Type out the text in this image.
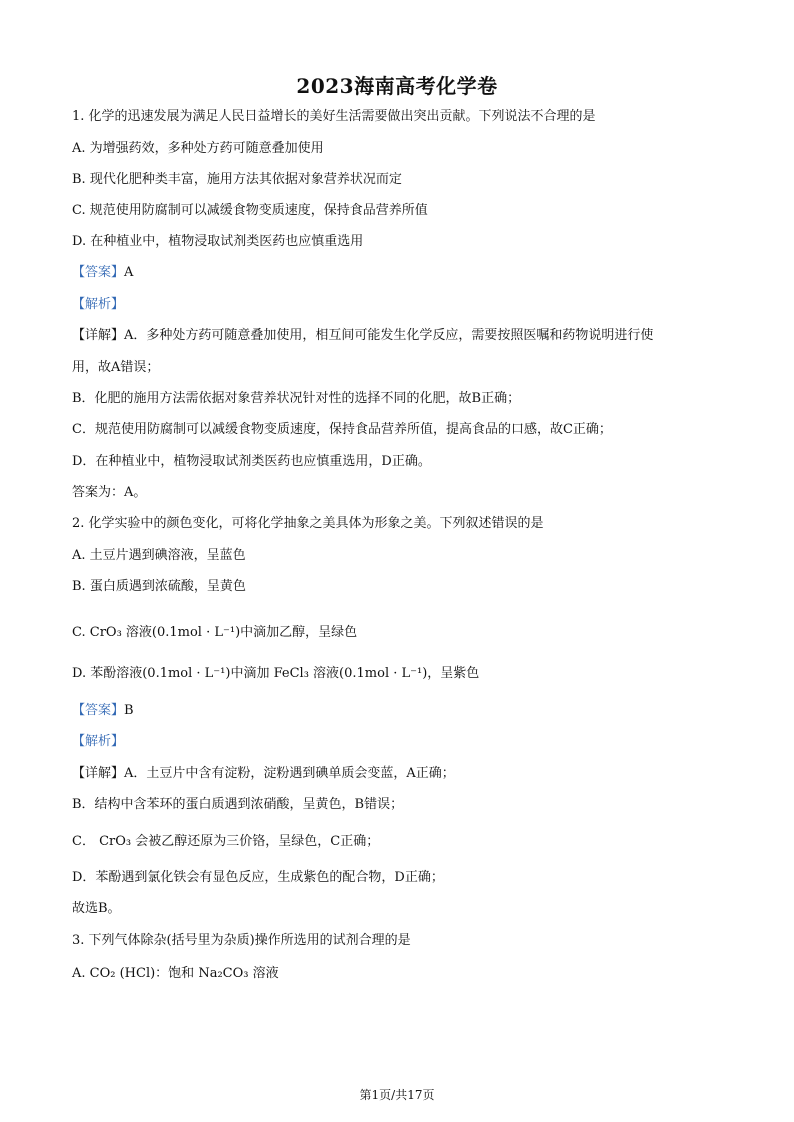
2023海南高考化学卷
1. 化学的迅速发展为满足人民日益增长的美好生活需要做出突出贡献。下列说法不合理的是
A. 为增强药效，多种处方药可随意叠加使用
B. 现代化肥种类丰富，施用方法其依据对象营养状况而定
C. 规范使用防腐制可以减缓食物变质速度，保持食品营养所值
D. 在种植业中，植物浸取试剂类医药也应慎重选用
【答案】A
【解析】
【详解】A．多种处方药可随意叠加使用，相互间可能发生化学反应，需要按照医嘱和药物说明进行使
用，故A错误；
B．化肥的施用方法需依据对象营养状况针对性的选择不同的化肥，故B正确；
C．规范使用防腐制可以减缓食物变质速度，保持食品营养所值，提高食品的口感，故C正确；
D．在种植业中，植物浸取试剂类医药也应慎重选用，D正确。
答案为：A。
2. 化学实验中的颜色变化，可将化学抽象之美具体为形象之美。下列叙述错误的是
A. 土豆片遇到碘溶液，呈蓝色
B. 蛋白质遇到浓硫酸，呈黄色
C. CrO₃ 溶液(0.1mol · L⁻¹)中滴加乙醇，呈绿色
D. 苯酚溶液(0.1mol · L⁻¹)中滴加 FeCl₃ 溶液(0.1mol · L⁻¹)，呈紫色
【答案】B
【解析】
【详解】A．土豆片中含有淀粉，淀粉遇到碘单质会变蓝，A正确；
B．结构中含苯环的蛋白质遇到浓硝酸，呈黄色，B错误；
C． CrO₃ 会被乙醇还原为三价铬，呈绿色，C正确；
D．苯酚遇到氯化铁会有显色反应，生成紫色的配合物，D正确；
故选B。
3. 下列气体除杂(括号里为杂质)操作所选用的试剂合理的是
A. CO₂ (HCl)：饱和 Na₂CO₃ 溶液
第1页/共17页
